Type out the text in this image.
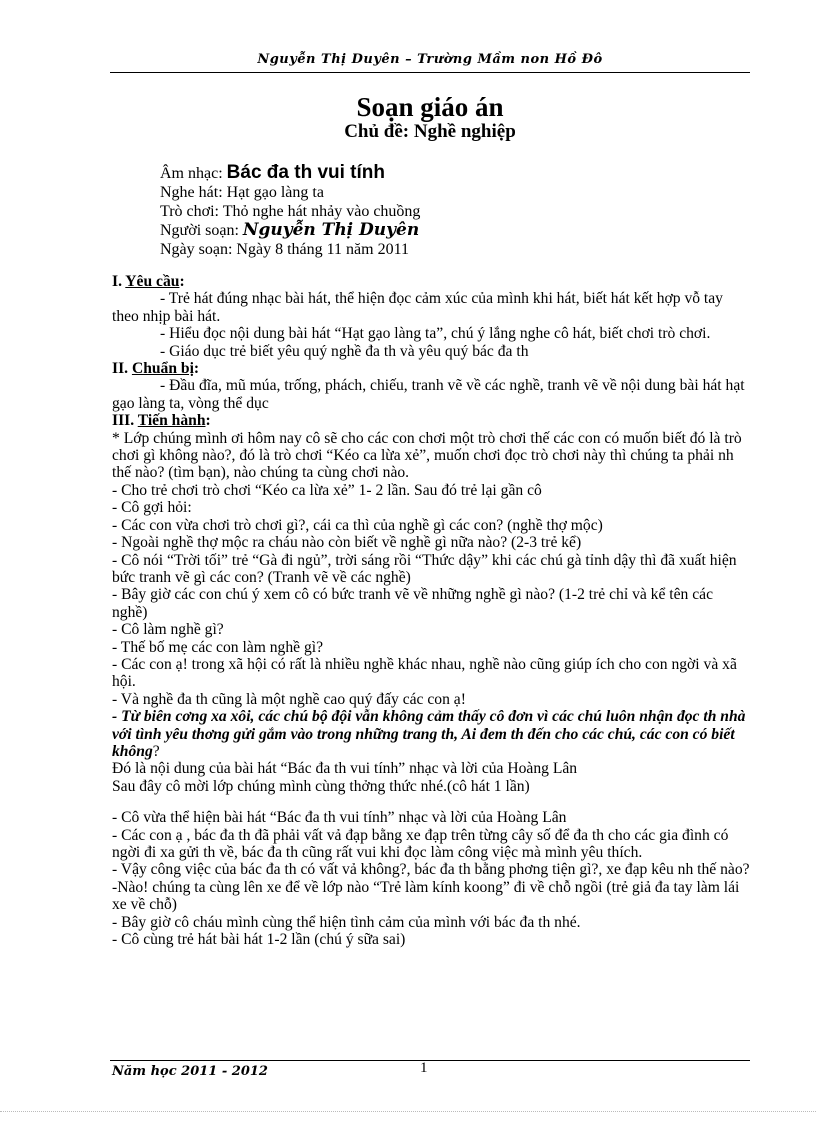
Nguyễn Thị Duyên – Trường Mầm non Hồ Đô
Soạn giáo án
Chủ đề: Nghề nghiệp
Âm nhạc: Bác đa th vui tính
Nghe hát: Hạt gạo làng ta
Trò chơi: Thỏ nghe hát nhảy vào chuồng
Người soạn: Nguyễn Thị Duyên
Ngày soạn: Ngày 8 tháng 11 năm 2011
I. Yêu cầu:
- Trẻ hát đúng nhạc bài hát, thể hiện đọc cảm xúc của mình khi hát, biết hát kết hợp vỗ tay theo nhịp bài hát.
- Hiểu đọc nội dung bài hát “Hạt gạo làng ta”, chú ý lắng nghe cô hát, biết chơi trò chơi.
- Giáo dục trẻ biết yêu quý nghề đa th và yêu quý bác đa th
II. Chuẩn bị:
- Đầu đĩa, mũ múa, trống, phách, chiếu, tranh vẽ về các nghề, tranh vẽ về nội dung bài hát hạt gạo làng ta, vòng thể dục
III. Tiến hành:
* Lớp chúng mình ơi hôm nay cô sẽ cho các con chơi một trò chơi thế các con có muốn biết đó là trò chơi gì không nào?, đó là trò chơi “Kéo ca lừa xẻ”, muốn chơi đọc trò chơi này thì chúng ta phải nh thế nào? (tìm bạn), nào chúng ta cùng chơi nào.
- Cho trẻ chơi trò chơi “Kéo ca lừa xẻ” 1- 2 lần. Sau đó trẻ lại gần cô
- Cô gợi hỏi:
- Các con vừa chơi trò chơi gì?, cái ca thì của nghề gì các con? (nghề thợ mộc)
- Ngoài nghề thợ mộc ra cháu nào còn biết về nghề gì nữa nào? (2-3 trẻ kể)
- Cô nói “Trời tối” trẻ “Gà đi ngủ”, trời sáng rồi “Thức dậy” khi các chú gà tỉnh dậy thì đã xuất hiện bức tranh vẽ gì các con? (Tranh vẽ về các nghề)
- Bây giờ các con chú ý xem cô có bức tranh vẽ về những nghề gì nào? (1-2 trẻ chỉ và kể tên các nghề)
- Cô làm nghề gì?
- Thế bố mẹ các con làm nghề gì?
- Các con ạ! trong xã hội có rất là nhiều nghề khác nhau, nghề nào cũng giúp ích cho con ngời và xã hội.
- Và nghề đa th cũng là một nghề cao quý đấy các con ạ!
- Từ biên cơng xa xôi, các chú bộ đội vẫn không cảm thấy cô đơn vì các chú luôn nhận đọc th nhà với tình yêu thơng gửi gắm vào trong những trang th, Ai đem th đến cho các chú, các con có biết không?
Đó là nội dung của bài hát “Bác đa th vui tính” nhạc và lời của Hoàng Lân
Sau đây cô mời lớp chúng mình cùng thởng thức nhé.(cô hát 1 lần)
- Cô vừa thể hiện bài hát “Bác đa th vui tính” nhạc và lời của Hoàng Lân
- Các con ạ , bác đa th đã phải vất vả đạp bằng xe đạp trên từng cây số để đa th cho các gia đình có ngời đi xa gửi th về, bác đa th cũng rất vui khi đọc làm công việc mà mình yêu thích.
- Vậy công việc của bác đa th có vất vả không?, bác đa th bằng phơng tiện gì?, xe đạp kêu nh thế nào?
-Nào! chúng ta cùng lên xe để về lớp nào “Trẻ làm kính koong” đi về chỗ ngồi (trẻ giả đa tay làm lái xe về chỗ)
- Bây giờ cô cháu mình cùng thể hiện tình cảm của mình với bác đa th nhé.
- Cô cùng trẻ hát bài hát 1-2 lần (chú ý sữa sai)
Năm học 2011 - 2012	1
